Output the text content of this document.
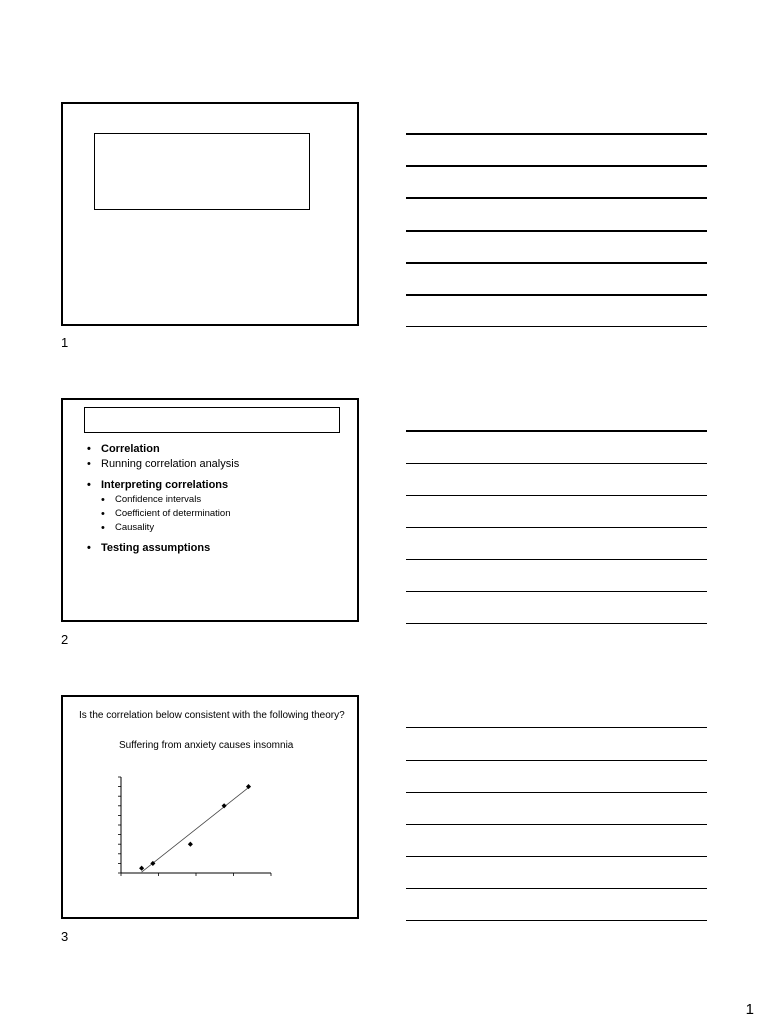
1
• Correlation
• Running correlation analysis
• Interpreting correlations
• Confidence intervals
• Coefficient of determination
• Causality
• Testing assumptions
2
Is the correlation below consistent with the following theory?
Suffering from anxiety causes insomnia
3
1
